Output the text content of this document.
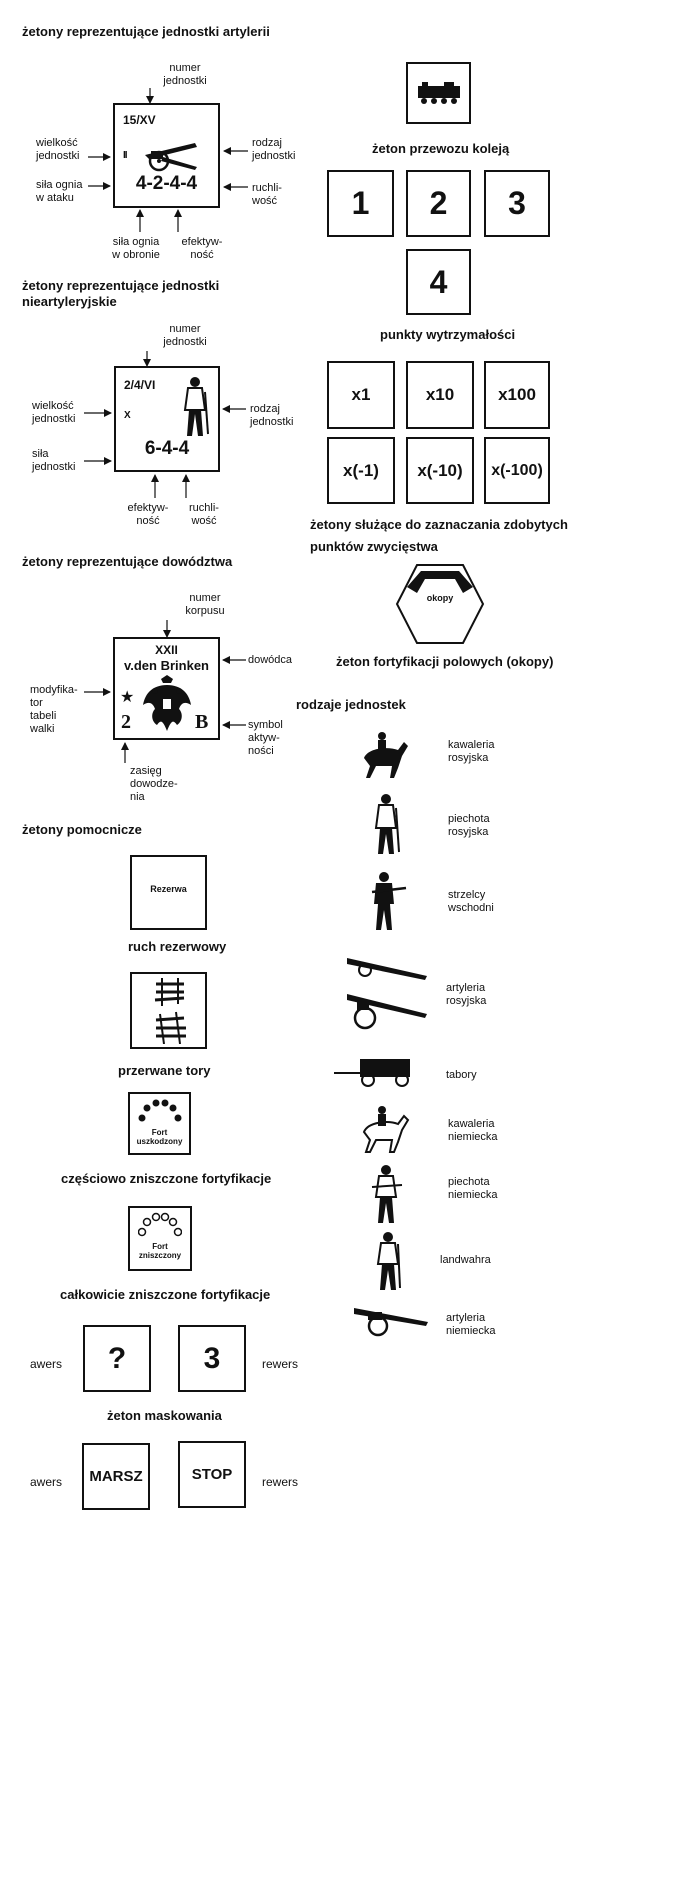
żetony reprezentujące jednostki artylerii
numer
jednostki
wielkość
jednostki
siła ognia
w ataku
rodzaj
jednostki
ruchli-
wość
siła ognia
w obronie
efektyw-
ność
15/XV
II
4-2-4-4
żetony reprezentujące jednostki
nieartyleryjskie
numer
jednostki
wielkość
jednostki
siła
jednostki
rodzaj
jednostki
efektyw-
ność
ruchli-
wość
2/4/VI
X
6-4-4
żetony reprezentujące dowództwa
numer
korpusu
dowódca
modyfika-
tor
tabeli
walki	symbol
aktyw-
ności
zasięg
dowodze-
nia
XXII
v.den Brinken
★
2	B
żetony pomocnicze
Rezerwa
ruch rezerwowy
przerwane tory
Fort
uszkodzony
częściowo zniszczone fortyfikacje
Fort
zniszczony
całkowicie zniszczone fortyfikacje
awers	?	3	rewers
żeton maskowania
awers	MARSZ	STOP	rewers
żeton przewozu koleją
1	2	3
4
punkty wytrzymałości
x1	x10	x100
x(-1)	x(-10)	x(-100)
żetony służące do zaznaczania zdobytych
punktów zwycięstwa
okopy
żeton fortyfikacji polowych (okopy)
rodzaje jednostek
kawaleria
rosyjska
piechota
rosyjska
strzelcy
wschodni
artyleria
rosyjska
tabory
kawaleria
niemiecka
piechota
niemiecka
landwahra
artyleria
niemiecka
